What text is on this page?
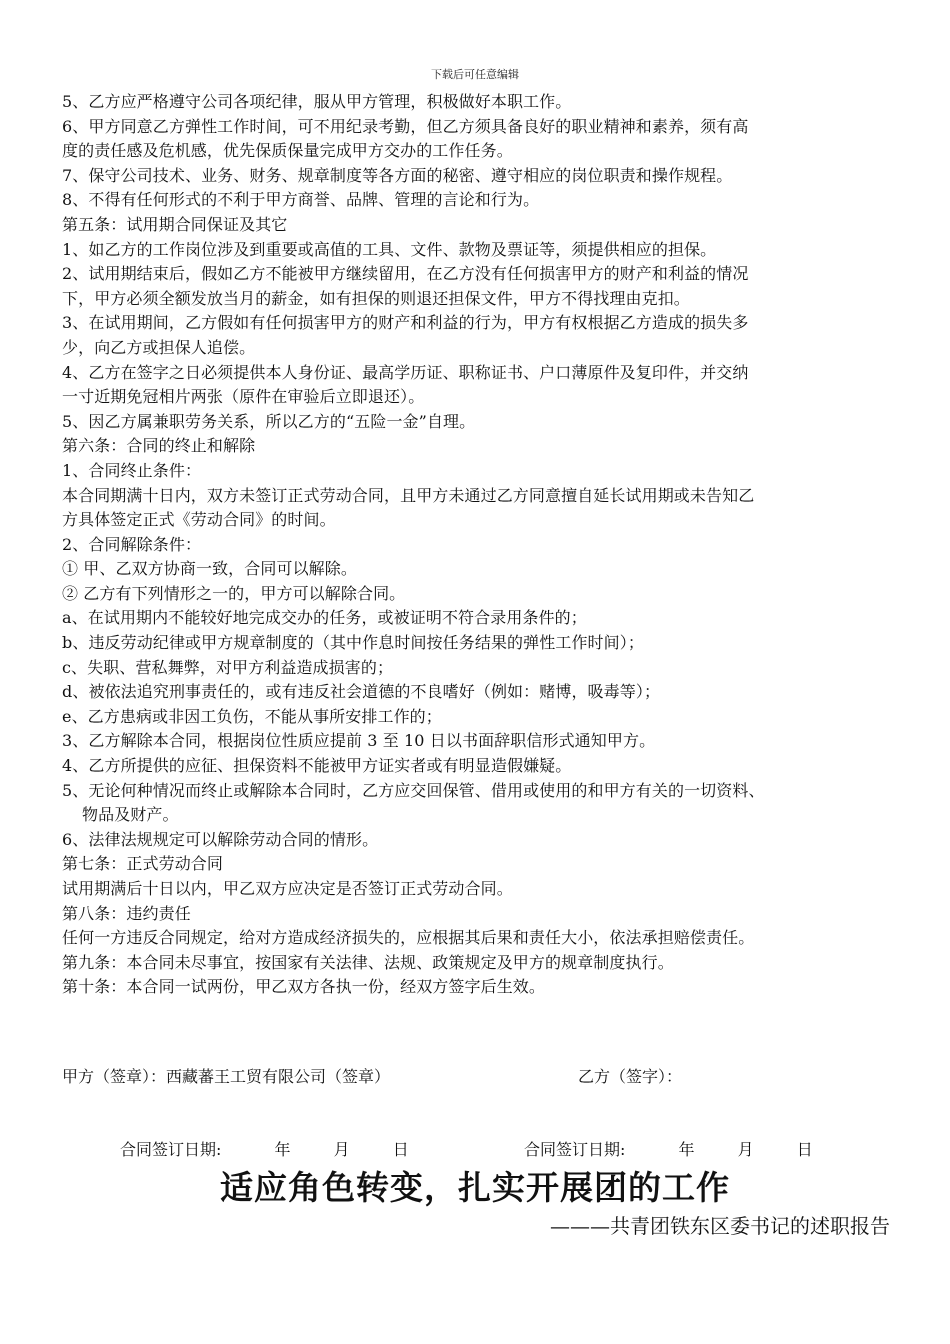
下载后可任意编辑
5、乙方应严格遵守公司各项纪律，服从甲方管理，积极做好本职工作。
6、甲方同意乙方弹性工作时间，可不用纪录考勤，但乙方须具备良好的职业精神和素养，须有高
度的责任感及危机感，优先保质保量完成甲方交办的工作任务。
7、保守公司技术、业务、财务、规章制度等各方面的秘密、遵守相应的岗位职责和操作规程。
8、不得有任何形式的不利于甲方商誉、品牌、管理的言论和行为。
第五条：试用期合同保证及其它
1、如乙方的工作岗位涉及到重要或高值的工具、文件、款物及票证等，须提供相应的担保。
2、试用期结束后，假如乙方不能被甲方继续留用，在乙方没有任何损害甲方的财产和利益的情况
下，甲方必须全额发放当月的薪金，如有担保的则退还担保文件，甲方不得找理由克扣。
3、在试用期间，乙方假如有任何损害甲方的财产和利益的行为，甲方有权根据乙方造成的损失多
少，向乙方或担保人追偿。
4、乙方在签字之日必须提供本人身份证、最高学历证、职称证书、户口薄原件及复印件，并交纳
一寸近期免冠相片两张（原件在审验后立即退还）。
5、因乙方属兼职劳务关系，所以乙方的“五险一金”自理。
第六条：合同的终止和解除
1、合同终止条件：
本合同期满十日内，双方未签订正式劳动合同，且甲方未通过乙方同意擅自延长试用期或未告知乙
方具体签定正式《劳动合同》的时间。
2、合同解除条件：
① 甲、乙双方协商一致，合同可以解除。
② 乙方有下列情形之一的，甲方可以解除合同。
a、在试用期内不能较好地完成交办的任务，或被证明不符合录用条件的；
b、违反劳动纪律或甲方规章制度的（其中作息时间按任务结果的弹性工作时间）；
c、失职、营私舞弊，对甲方利益造成损害的；
d、被依法追究刑事责任的，或有违反社会道德的不良嗜好（例如：赌博，吸毒等）；
e、乙方患病或非因工负伤，不能从事所安排工作的；
3、乙方解除本合同，根据岗位性质应提前 3 至 10 日以书面辞职信形式通知甲方。
4、乙方所提供的应征、担保资料不能被甲方证实者或有明显造假嫌疑。
5、无论何种情况而终止或解除本合同时，乙方应交回保管、借用或使用的和甲方有关的一切资料、
物品及财产。
6、法律法规规定可以解除劳动合同的情形。
第七条：正式劳动合同
试用期满后十日以内，甲乙双方应决定是否签订正式劳动合同。
第八条：违约责任
任何一方违反合同规定，给对方造成经济损失的，应根据其后果和责任大小，依法承担赔偿责任。
第九条：本合同未尽事宜，按国家有关法律、法规、政策规定及甲方的规章制度执行。
第十条：本合同一试两份，甲乙双方各执一份，经双方签字后生效。
甲方（签章）：西藏蕃王工贸有限公司（签章）	乙方（签字）：
合同签订日期:	年	月	日	合同签订日期:	年	月	日
适应角色转变，扎实开展团的工作
———共青团铁东区委书记的述职报告
